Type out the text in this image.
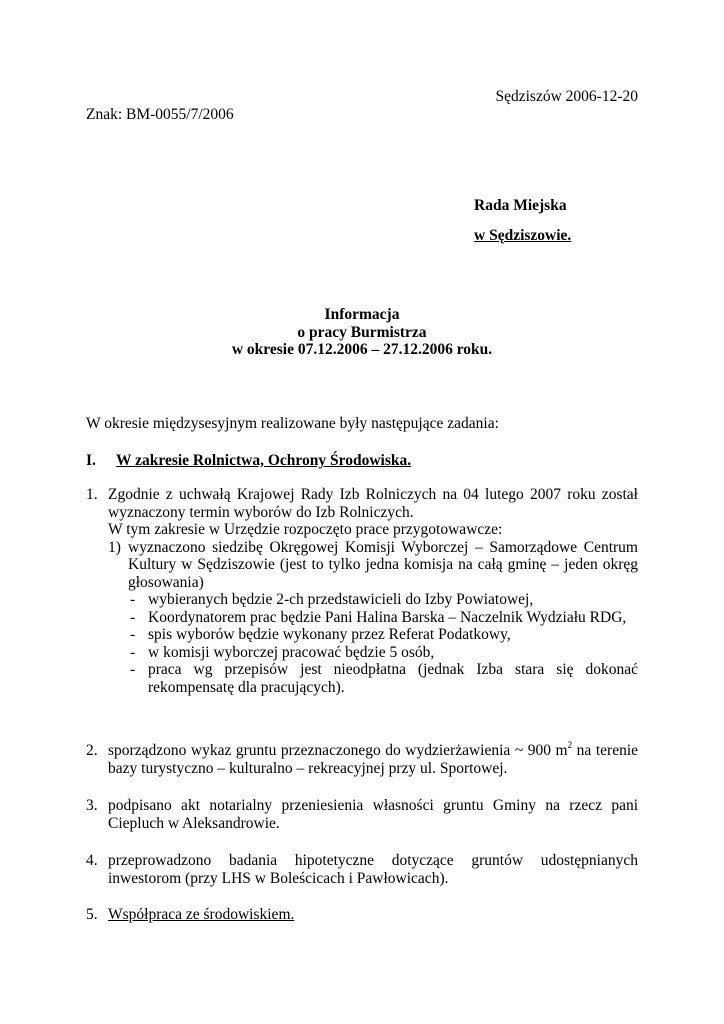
Sędziszów 2006-12-20
Znak: BM-0055/7/2006
Rada Miejska
w Sędziszowie.
Informacja
o pracy Burmistrza
w okresie 07.12.2006 – 27.12.2006 roku.
W okresie międzysesyjnym realizowane były następujące zadania:
I.	W zakresie Rolnictwa, Ochrony Środowiska.
1. Zgodnie z uchwałą Krajowej Rady Izb Rolniczych na 04 lutego 2007 roku został wyznaczony termin wyborów do Izb Rolniczych.
W tym zakresie w Urzędzie rozpoczęto prace przygotowawcze:
1) wyznaczono siedzibę Okręgowej Komisji Wyborczej – Samorządowe Centrum Kultury w Sędziszowie (jest to tylko jedna komisja na całą gminę – jeden okręg głosowania)
- wybieranych będzie 2-ch przedstawicieli do Izby Powiatowej,
- Koordynatorem prac będzie Pani Halina Barska – Naczelnik Wydziału RDG,
- spis wyborów będzie wykonany przez Referat Podatkowy,
- w komisji wyborczej pracować będzie 5 osób,
- praca wg przepisów jest nieodpłatna (jednak Izba stara się dokonać rekompensatę dla pracujących).
2. sporządzono wykaz gruntu przeznaczonego do wydzierżawienia ~ 900 $m^2$ na terenie bazy turystyczno – kulturalno – rekreacyjnej przy ul. Sportowej.
3. podpisano akt notarialny przeniesienia własności gruntu Gminy na rzecz pani Ciepluch w Aleksandrowie.
4. przeprowadzono badania hipotetyczne dotyczące gruntów udostępnianych inwestorom (przy LHS w Boleścicach i Pawłowicach).
5. Współpraca ze środowiskiem.
